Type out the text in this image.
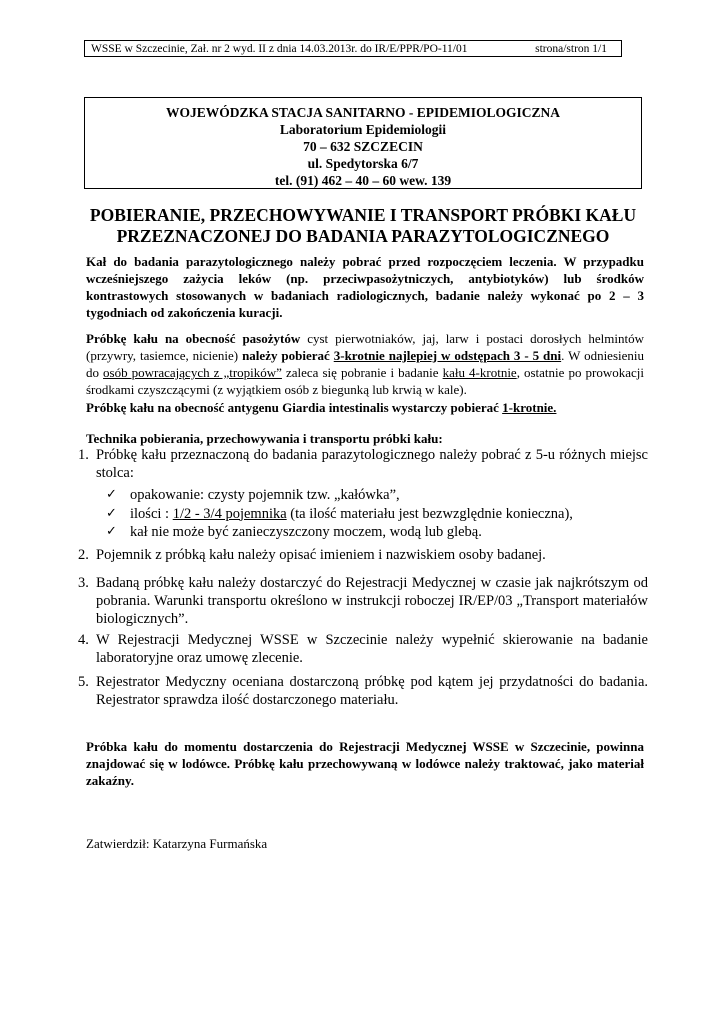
WSSE w Szczecinie, Zał. nr 2 wyd. II z dnia 14.03.2013r. do IR/E/PPR/PO-11/01	strona/stron 1/1
WOJEWÓDZKA STACJA SANITARNO - EPIDEMIOLOGICZNA
Laboratorium Epidemiologii
70 – 632 SZCZECIN
ul. Spedytorska 6/7
tel. (91) 462 – 40 – 60 wew. 139
POBIERANIE, PRZECHOWYWANIE I TRANSPORT PRÓBKI KAŁU
PRZEZNACZONEJ DO BADANIA PARAZYTOLOGICZNEGO
Kał do badania parazytologicznego należy pobrać przed rozpoczęciem leczenia. W przypadku wcześniejszego zażycia leków (np. przeciwpasożytniczych, antybiotyków) lub środków kontrastowych stosowanych w badaniach radiologicznych, badanie należy wykonać po 2 – 3 tygodniach od zakończenia kuracji.
Próbkę kału na obecność pasożytów cyst pierwotniaków, jaj, larw i postaci dorosłych helmintów (przywry, tasiemce, nicienie) należy pobierać 3-krotnie najlepiej w odstępach 3 - 5 dni. W odniesieniu do osób powracających z „tropików” zaleca się pobranie i badanie kału 4-krotnie, ostatnie po prowokacji środkami czyszczącymi (z wyjątkiem osób z biegunką lub krwią w kale).
Próbkę kału na obecność antygenu Giardia intestinalis wystarczy pobierać 1-krotnie.
Technika pobierania, przechowywania i transportu próbki kału:
1. Próbkę kału przeznaczoną do badania parazytologicznego należy pobrać z 5-u różnych miejsc stolca:
✓ opakowanie: czysty pojemnik tzw. „kałówka”,
✓ ilości : 1/2 - 3/4 pojemnika (ta ilość materiału jest bezwzględnie konieczna),
✓ kał nie może być zanieczyszczony moczem, wodą lub glebą.
2. Pojemnik z próbką kału należy opisać imieniem i nazwiskiem osoby badanej.
3. Badaną próbkę kału należy dostarczyć do Rejestracji Medycznej w czasie jak najkrótszym od pobrania. Warunki transportu określono w instrukcji roboczej IR/EP/03 „Transport materiałów biologicznych”.
4. W Rejestracji Medycznej WSSE w Szczecinie należy wypełnić skierowanie na badanie laboratoryjne oraz umowę zlecenie.
5. Rejestrator Medyczny oceniana dostarczoną próbkę pod kątem jej przydatności do badania. Rejestrator sprawdza ilość dostarczonego materiału.
Próbka kału do momentu dostarczenia do Rejestracji Medycznej WSSE w Szczecinie, powinna znajdować się w lodówce. Próbkę kału przechowywaną w lodówce należy traktować, jako materiał zakaźny.
Zatwierdził: Katarzyna Furmańska
